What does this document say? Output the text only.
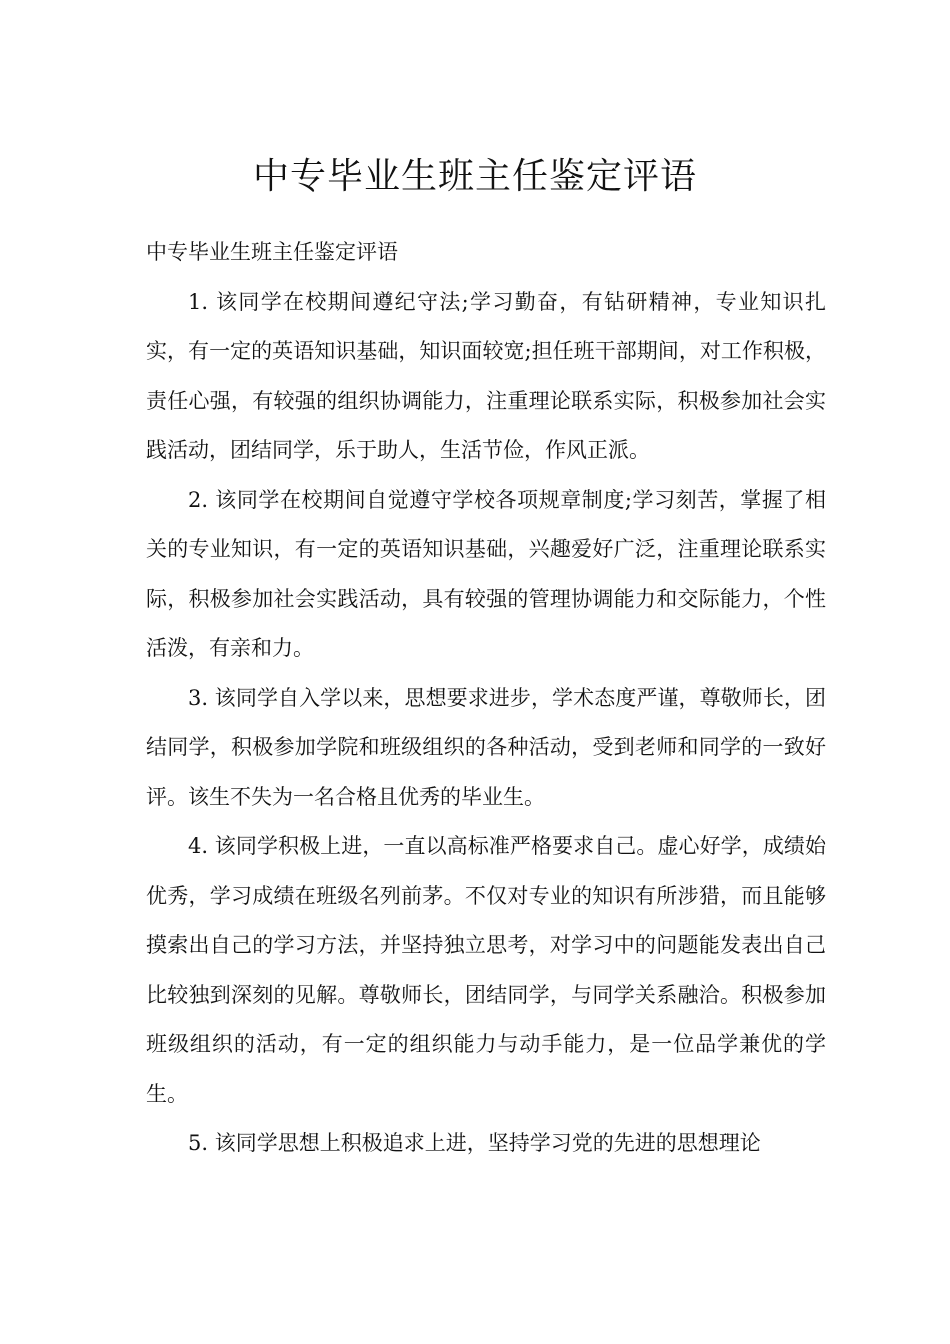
中专毕业生班主任鉴定评语

中专毕业生班主任鉴定评语

1. 该同学在校期间遵纪守法;学习勤奋，有钻研精神，专业知识扎实，有一定的英语知识基础，知识面较宽;担任班干部期间，对工作积极，责任心强，有较强的组织协调能力，注重理论联系实际，积极参加社会实践活动，团结同学，乐于助人，生活节俭，作风正派。

2. 该同学在校期间自觉遵守学校各项规章制度;学习刻苦，掌握了相关的专业知识，有一定的英语知识基础，兴趣爱好广泛，注重理论联系实际，积极参加社会实践活动，具有较强的管理协调能力和交际能力，个性活泼，有亲和力。

3. 该同学自入学以来，思想要求进步，学术态度严谨，尊敬师长，团结同学，积极参加学院和班级组织的各种活动，受到老师和同学的一致好评。该生不失为一名合格且优秀的毕业生。

4. 该同学积极上进，一直以高标准严格要求自己。虚心好学，成绩始优秀，学习成绩在班级名列前茅。不仅对专业的知识有所涉猎，而且能够摸索出自己的学习方法，并坚持独立思考，对学习中的问题能发表出自己比较独到深刻的见解。尊敬师长，团结同学，与同学关系融洽。积极参加班级组织的活动，有一定的组织能力与动手能力，是一位品学兼优的学生。

5. 该同学思想上积极追求上进，坚持学习党的先进的思想理论
